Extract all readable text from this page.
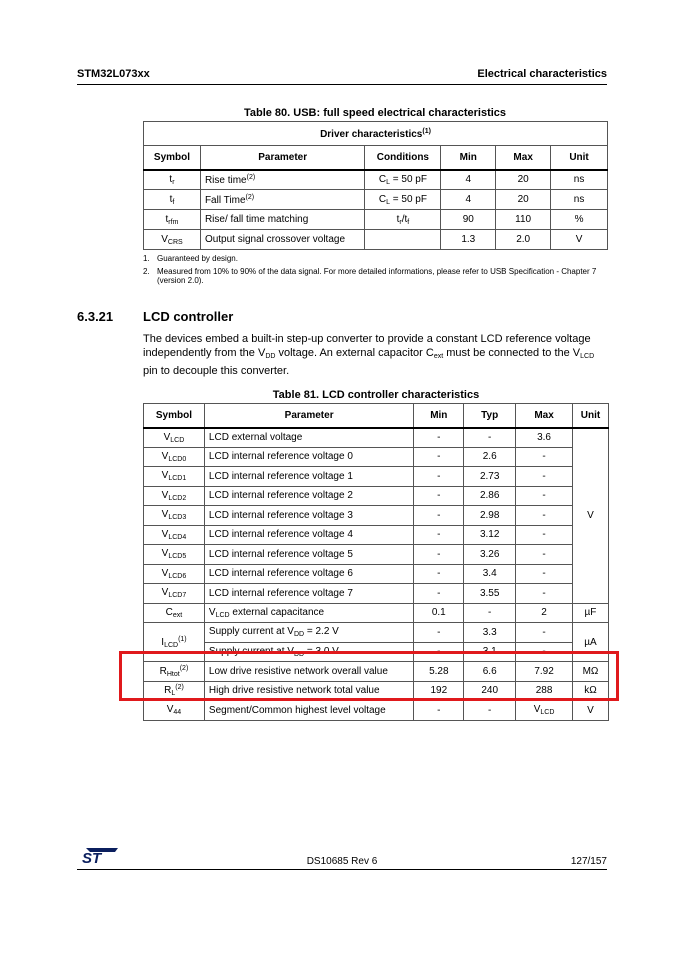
STM32L073xx	Electrical characteristics
Table 80. USB: full speed electrical characteristics
Driver characteristics$^{(1)}$
Symbol	Parameter	Conditions	Min	Max	Unit
$t_r$	Rise time$^{(2)}$	$C_L = 50$ pF	4	20	ns
$t_f$	Fall Time$^{(2)}$	$C_L = 50$ pF	4	20	ns
$t_{rfm}$	Rise/ fall time matching	$t_r/t_f$	90	110	%
$V_{CRS}$	Output signal crossover voltage		1.3	2.0	V
1. Guaranteed by design.
2. Measured from 10% to 90% of the data signal. For more detailed informations, please refer to USB Specification - Chapter 7 (version 2.0).
6.3.21 LCD controller
The devices embed a built-in step-up converter to provide a constant LCD reference voltage independently from the $V_{DD}$ voltage. An external capacitor $C_{ext}$ must be connected to the $V_{LCD}$ pin to decouple this converter.
Table 81. LCD controller characteristics
Symbol	Parameter	Min	Typ	Max	Unit
$V_{LCD}$	LCD external voltage	-	-	3.6	V
$V_{LCD0}$	LCD internal reference voltage 0	-	2.6	-	
$V_{LCD1}$	LCD internal reference voltage 1	-	2.73	-	
$V_{LCD2}$	LCD internal reference voltage 2	-	2.86	-	
$V_{LCD3}$	LCD internal reference voltage 3	-	2.98	-	
$V_{LCD4}$	LCD internal reference voltage 4	-	3.12	-	
$V_{LCD5}$	LCD internal reference voltage 5	-	3.26	-	
$V_{LCD6}$	LCD internal reference voltage 6	-	3.4	-	
$V_{LCD7}$	LCD internal reference voltage 7	-	3.55	-	
$C_{ext}$	$V_{LCD}$ external capacitance	0.1	-	2	µF
$I_{LCD}^{(1)}$	Supply current at $V_{DD} = 2.2$ V	-	3.3	-	µA
	Supply current at $V_{DD} = 3.0$ V	-	3.1	-	
$R_{Htot}^{(2)}$	Low drive resistive network overall value	5.28	6.6	7.92	MΩ
$R_L^{(2)}$	High drive resistive network total value	192	240	288	kΩ
$V_{44}$	Segment/Common highest level voltage	-	-	$V_{LCD}$	V
ST	DS10685 Rev 6	127/157
